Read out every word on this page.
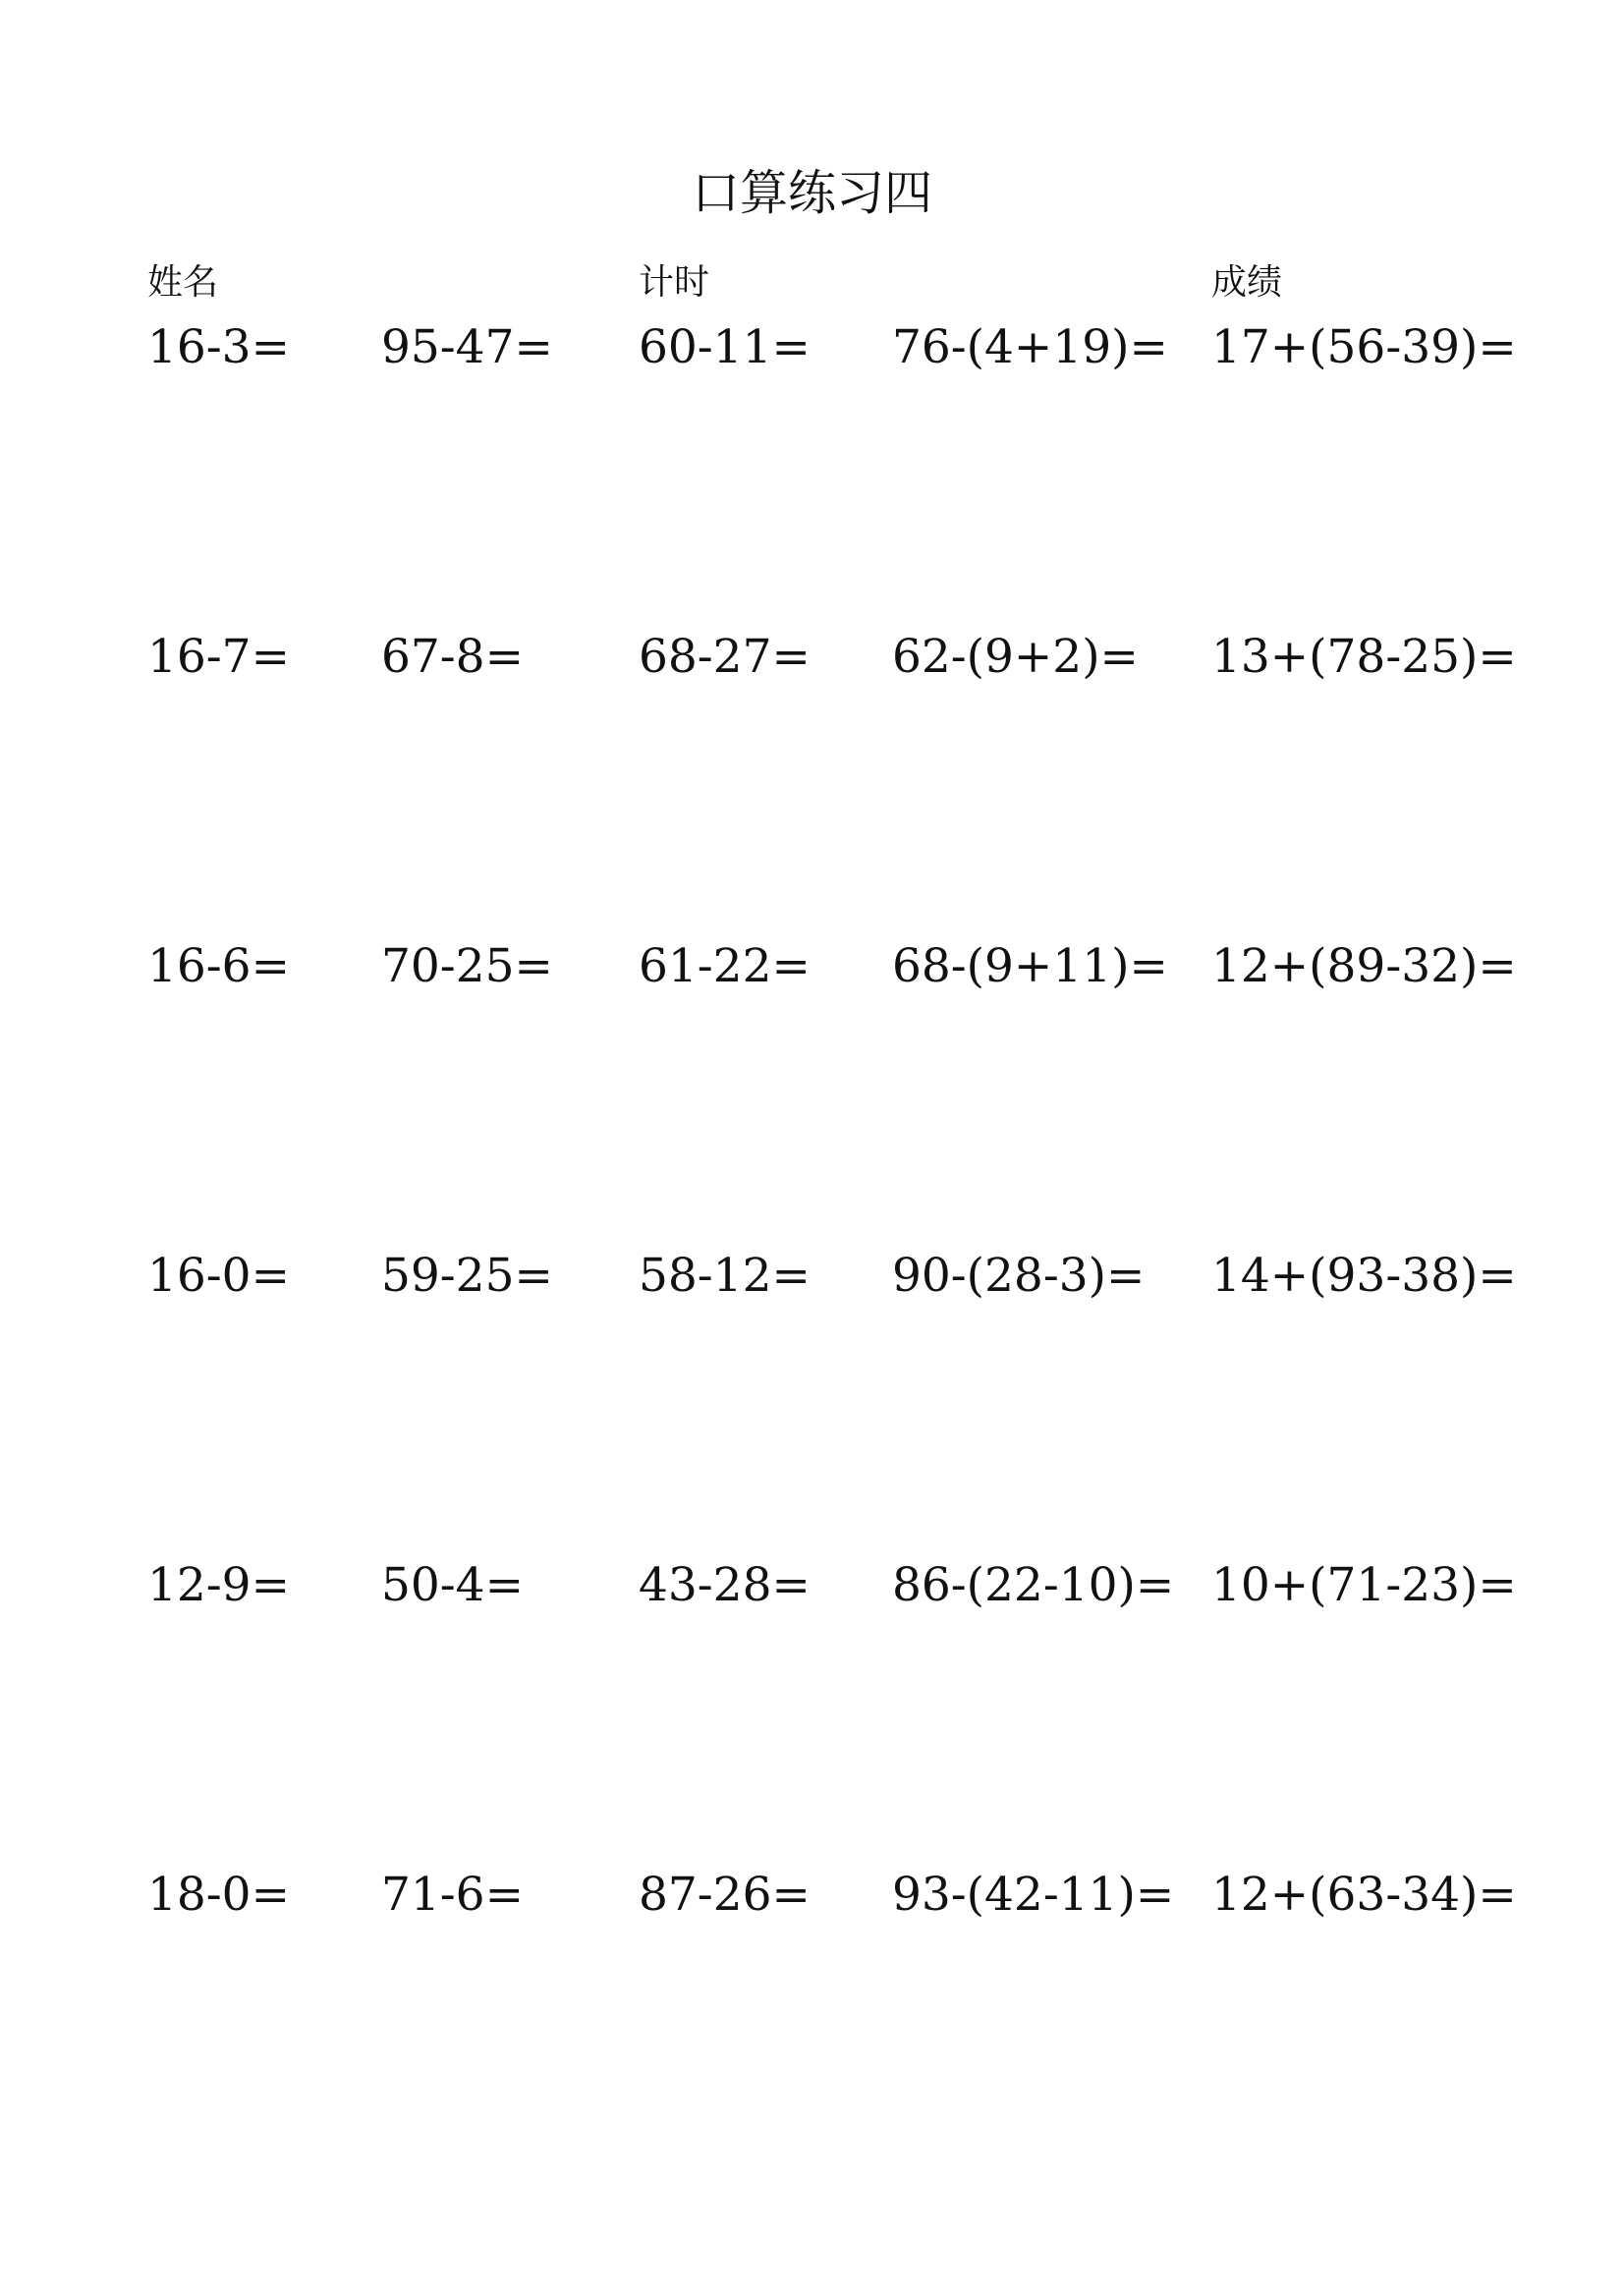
口算练习四
姓名	计时	成绩
16-3= 95-47= 60-11= 76-(4+19)= 17+(56-39)=
16-7= 67-8= 68-27= 62-(9+2)= 13+(78-25)=
16-6= 70-25= 61-22= 68-(9+11)= 12+(89-32)=
16-0= 59-25= 58-12= 90-(28-3)= 14+(93-38)=
12-9= 50-4= 43-28= 86-(22-10)= 10+(71-23)=
18-0= 71-6= 87-26= 93-(42-11)= 12+(63-34)=
